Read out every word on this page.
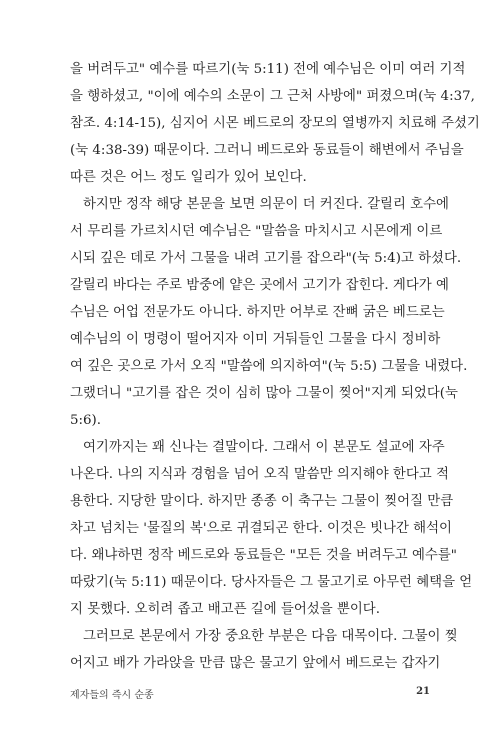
을 버려두고" 예수를 따르기(눅 5:11) 전에 예수님은 이미 여러 기적
을 행하셨고, "이에 예수의 소문이 그 근처 사방에" 퍼졌으며(눅 4:37,
참조. 4:14-15), 심지어 시몬 베드로의 장모의 열병까지 치료해 주셨기
(눅 4:38-39) 때문이다. 그러니 베드로와 동료들이 해변에서 주님을
따른 것은 어느 정도 일리가 있어 보인다.
하지만 정작 해당 본문을 보면 의문이 더 커진다. 갈릴리 호수에
서 무리를 가르치시던 예수님은 "말씀을 마치시고 시몬에게 이르
시되 깊은 데로 가서 그물을 내려 고기를 잡으라"(눅 5:4)고 하셨다.
갈릴리 바다는 주로 밤중에 얕은 곳에서 고기가 잡힌다. 게다가 예
수님은 어업 전문가도 아니다. 하지만 어부로 잔뼈 굵은 베드로는
예수님의 이 명령이 떨어지자 이미 거둬들인 그물을 다시 정비하
여 깊은 곳으로 가서 오직 "말씀에 의지하여"(눅 5:5) 그물을 내렸다.
그랬더니 "고기를 잡은 것이 심히 많아 그물이 찢어"지게 되었다(눅
5:6).
여기까지는 꽤 신나는 결말이다. 그래서 이 본문도 설교에 자주
나온다. 나의 지식과 경험을 넘어 오직 말씀만 의지해야 한다고 적
용한다. 지당한 말이다. 하지만 종종 이 축구는 그물이 찢어질 만큼
차고 넘치는 '물질의 복'으로 귀결되곤 한다. 이것은 빗나간 해석이
다. 왜냐하면 정작 베드로와 동료들은 "모든 것을 버려두고 예수를"
따랐기(눅 5:11) 때문이다. 당사자들은 그 물고기로 아무런 혜택을 얻
지 못했다. 오히려 좁고 배고픈 길에 들어섰을 뿐이다.
그러므로 본문에서 가장 중요한 부분은 다음 대목이다. 그물이 찢
어지고 배가 가라앉을 만큼 많은 물고기 앞에서 베드로는 갑자기
제자들의 즉시 순종	21
